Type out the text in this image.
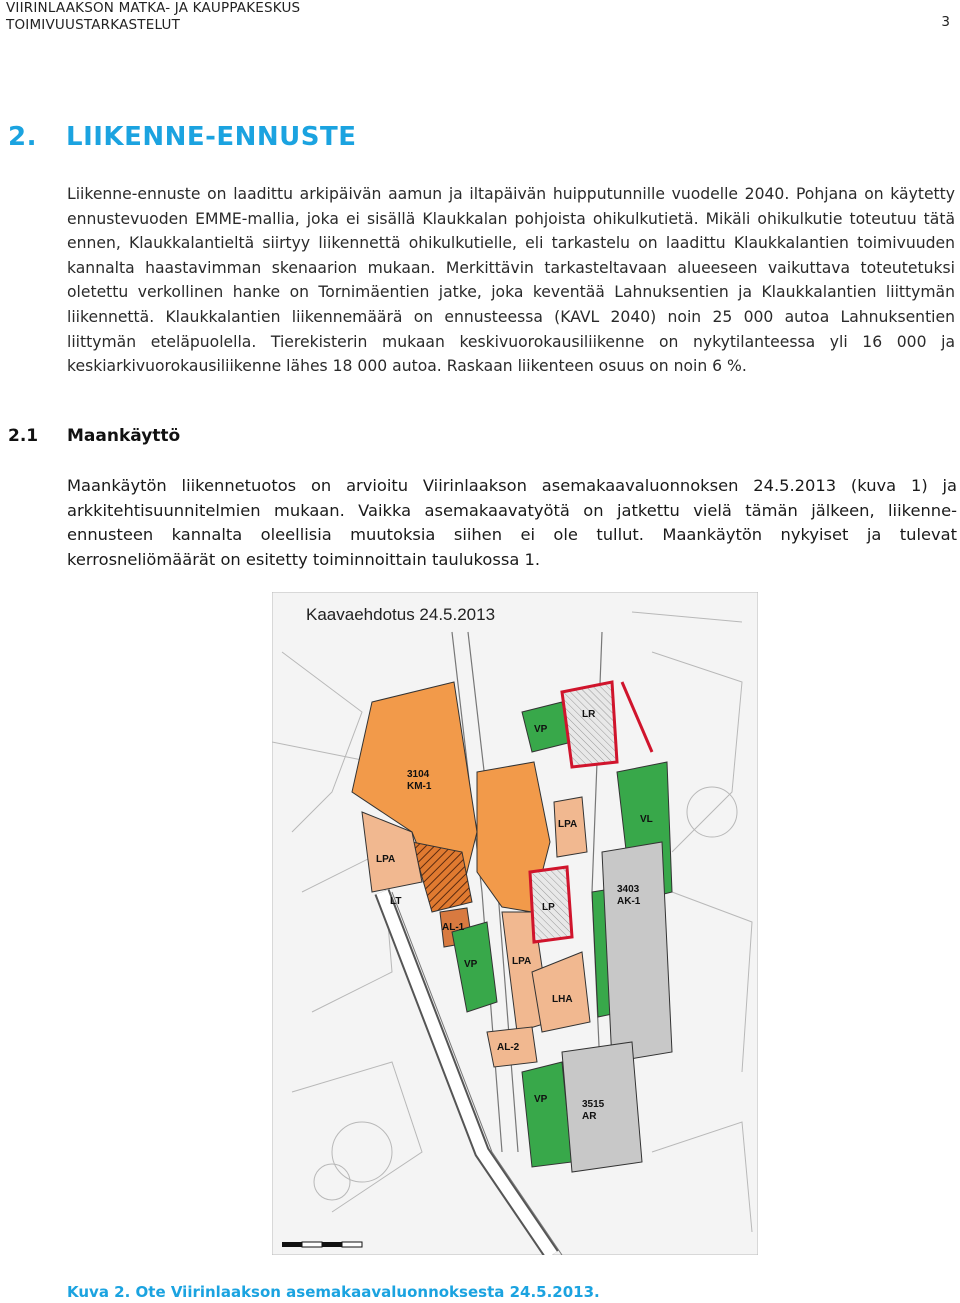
VIIRINLAAKSON MATKA- JA KAUPPAKESKUS
TOIMIVUUSTARKASTELUT	3
2. LIIKENNE-ENNUSTE

Liikenne-ennuste on laadittu arkipäivän aamun ja iltapäivän huipputunnille vuodelle 2040. Pohjana on käytetty ennustevuoden EMME-mallia, joka ei sisällä Klaukkalan pohjoista ohikulkutietä. Mikäli ohikulkutie toteutuu tätä ennen, Klaukkalantieltä siirtyy liikennettä ohikulkutielle, eli tarkastelu on laadittu Klaukkalantien toimivuuden kannalta haastavimman skenaarion mukaan. Merkittävin tarkasteltavaan alueeseen vaikuttava toteutetuksi oletettu verkollinen hanke on Tornimäentien jatke, joka keventää Lahnuksentien ja Klaukkalantien liittymän liikennettä. Klaukkalantien liikennemäärä on ennusteessa (KAVL 2040) noin 25 000 autoa Lahnuksentien liittymän eteläpuolella. Tierekisterin mukaan keskivuorokausiliikenne on nykytilanteessa yli 16 000 ja keskiarkivuorokausiliikenne lähes 18 000 autoa. Raskaan liikenteen osuus on noin 6 %.

2.1 Maankäyttö

Maankäytön liikennetuotos on arvioitu Viirinlaakson asemakaavaluonnoksen 24.5.2013 (kuva 1) ja arkkitehtisuunnitelmien mukaan. Vaikka asemakaavatyötä on jatkettu vielä tämän jälkeen, liikenne-ennusteen kannalta oleellisia muutoksia siihen ei ole tullut. Maankäytön nykyiset ja tulevat kerrosneliömäärät on esitetty toiminnoittain taulukossa 1.

Kaavaehdotus 24.5.2013
3104 KM-1
LPA
LPA
LPA
LR
LP
LHA
LT
AL-1
AL-2
VP
VP
VP
VL
3403 AK-1
3515 AR
Kuva 2. Ote Viirinlaakson asemakaavaluonnoksesta 24.5.2013.
